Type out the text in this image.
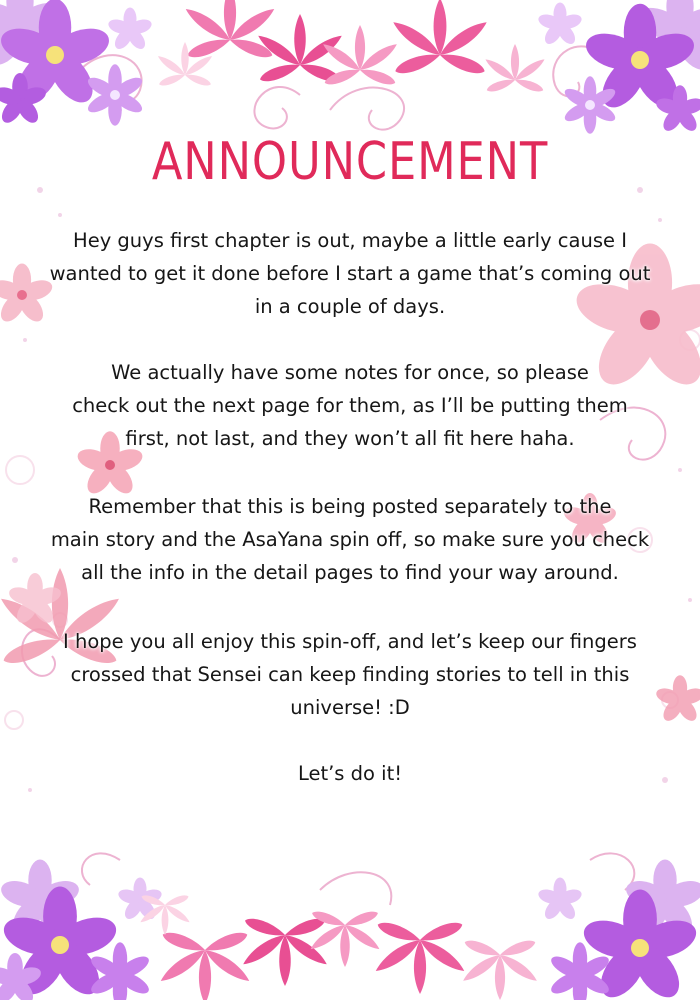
ANNOUNCEMENT
Hey guys first chapter is out, maybe a little early cause I
wanted to get it done before I start a game that’s coming out
in a couple of days.
We actually have some notes for once, so please
check out the next page for them, as I’ll be putting them
first, not last, and they won’t all fit here haha.
Remember that this is being posted separately to the
main story and the AsaYana spin off, so make sure you check
all the info in the detail pages to find your way around.
I hope you all enjoy this spin-off, and let’s keep our fingers
crossed that Sensei can keep finding stories to tell in this
universe! :D
Let’s do it!
